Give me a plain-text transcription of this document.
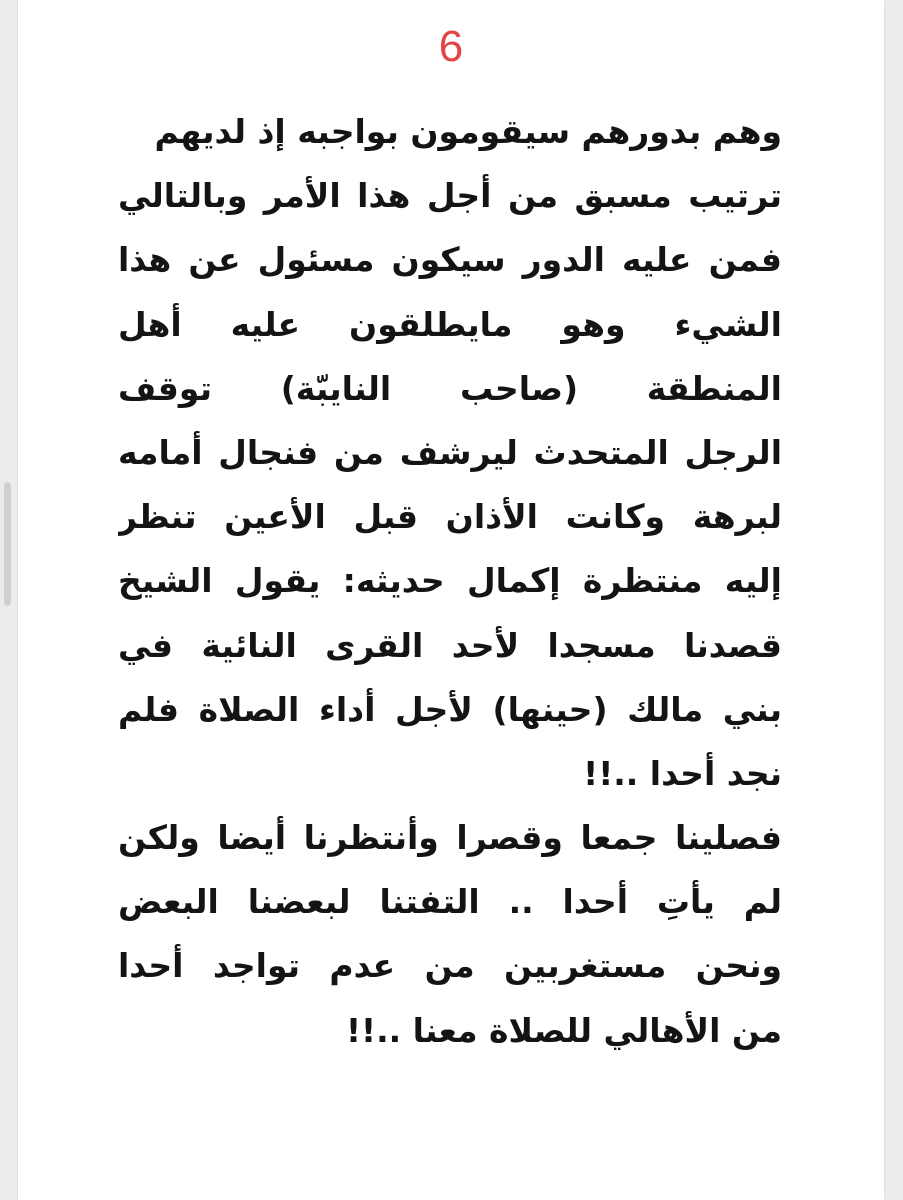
6
وهم بدورهم سيقومون بواجبه إذ لديهم
ترتيب مسبق من أجل هذا الأمر وبالتالي
فمن عليه الدور سيكون مسئول عن هذا
الشيء وهو مايطلقون عليه أهل
المنطقة (صاحب النايبّة) توقف
الرجل المتحدث ليرشف من فنجال أمامه
لبرهة وكانت الأذان قبل الأعين تنظر
إليه منتظرة إكمال حديثه: يقول الشيخ
قصدنا مسجدا لأحد القرى النائية في
بني مالك (حينها) لأجل أداء الصلاة فلم
نجد أحدا ..!!
فصلينا جمعا وقصرا وأنتظرنا أيضا ولكن
لم يأتِ أحدا .. التفتنا لبعضنا البعض
ونحن مستغربين من عدم تواجد أحدا
من الأهالي للصلاة معنا ..!!
